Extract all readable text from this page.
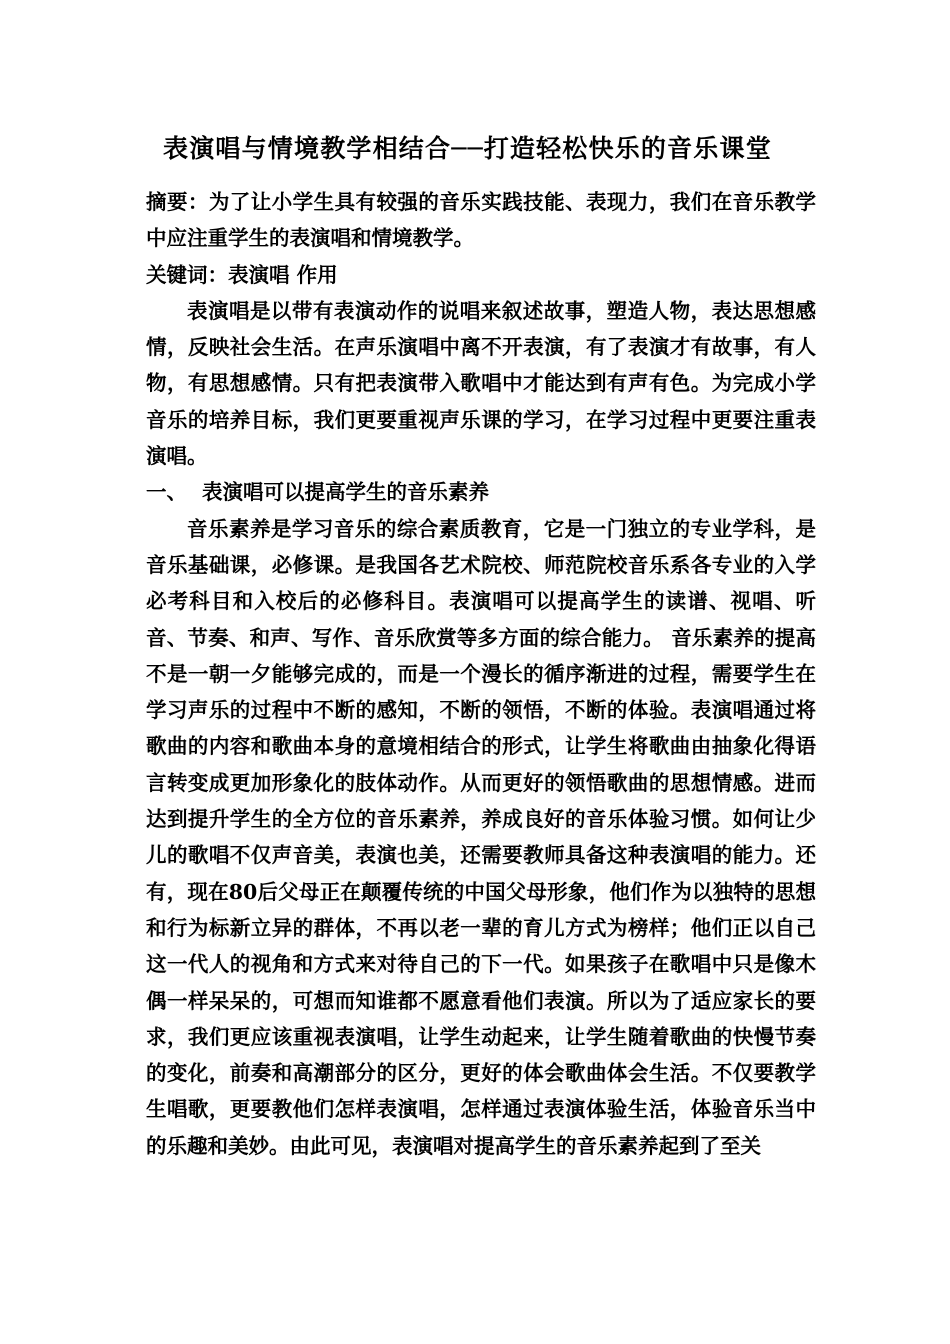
表演唱与情境教学相结合──打造轻松快乐的音乐课堂

摘要：为了让小学生具有较强的音乐实践技能、表现力，我们在音乐教学中应注重学生的表演唱和情境教学。

关键词：表演唱 作用

表演唱是以带有表演动作的说唱来叙述故事，塑造人物，表达思想感情，反映社会生活。在声乐演唱中离不开表演，有了表演才有故事，有人物，有思想感情。只有把表演带入歌唱中才能达到有声有色。为完成小学音乐的培养目标，我们更要重视声乐课的学习，在学习过程中更要注重表演唱。

一、 表演唱可以提高学生的音乐素养

音乐素养是学习音乐的综合素质教育，它是一门独立的专业学科，是音乐基础课，必修课。是我国各艺术院校、师范院校音乐系各专业的入学必考科目和入校后的必修科目。表演唱可以提高学生的读谱、视唱、听音、节奏、和声、写作、音乐欣赏等多方面的综合能力。 音乐素养的提高不是一朝一夕能够完成的，而是一个漫长的循序渐进的过程，需要学生在学习声乐的过程中不断的感知，不断的领悟，不断的体验。表演唱通过将歌曲的内容和歌曲本身的意境相结合的形式，让学生将歌曲由抽象化得语言转变成更加形象化的肢体动作。从而更好的领悟歌曲的思想情感。进而达到提升学生的全方位的音乐素养，养成良好的音乐体验习惯。如何让少儿的歌唱不仅声音美，表演也美，还需要教师具备这种表演唱的能力。还有，现在80后父母正在颠覆传统的中国父母形象，他们作为以独特的思想和行为标新立异的群体，不再以老一辈的育儿方式为榜样；他们正以自己这一代人的视角和方式来对待自己的下一代。如果孩子在歌唱中只是像木偶一样呆呆的，可想而知谁都不愿意看他们表演。所以为了适应家长的要求，我们更应该重视表演唱，让学生动起来，让学生随着歌曲的快慢节奏的变化，前奏和高潮部分的区分，更好的体会歌曲体会生活。不仅要教学生唱歌，更要教他们怎样表演唱，怎样通过表演体验生活，体验音乐当中的乐趣和美妙。由此可见，表演唱对提高学生的音乐素养起到了至关
